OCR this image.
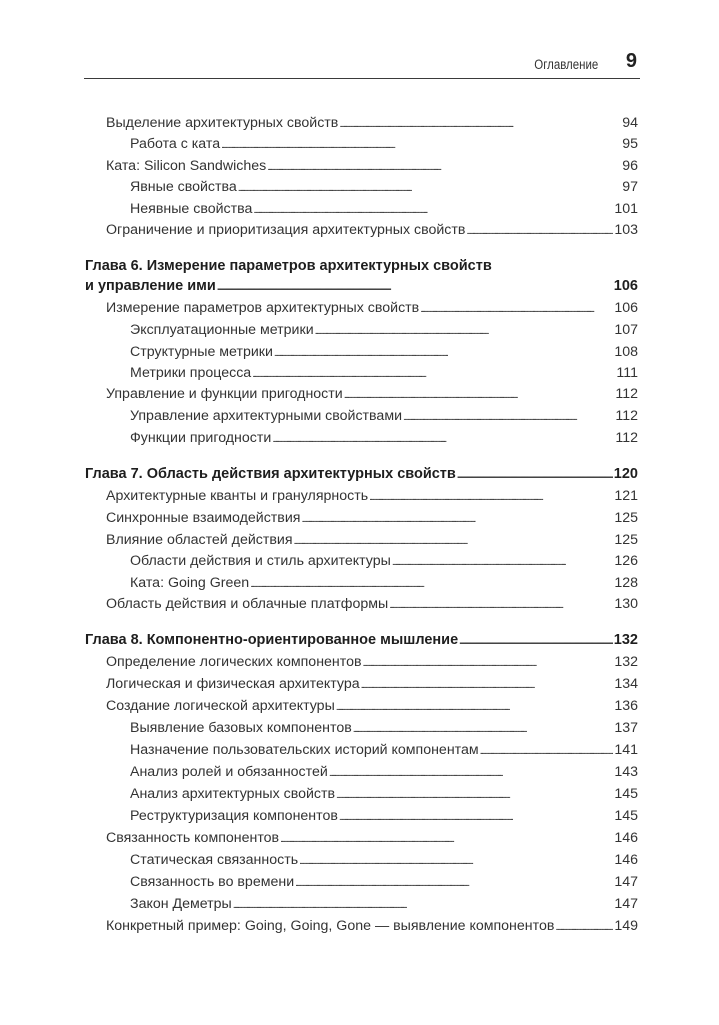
Оглавление 9
Выделение архитектурных свойств . . .	94
Работа с ката . . .	95
Ката: Silicon Sandwiches . . .	96
Явные свойства . . .	97
Неявные свойства . . .	101
Ограничение и приоритизация архитектурных свойств . . .	103
Глава 6. Измерение параметров архитектурных свойств
и управление ими . . .	106
Измерение параметров архитектурных свойств . . .	106
Эксплуатационные метрики . . .	107
Структурные метрики . . .	108
Метрики процесса . . .	111
Управление и функции пригодности . . .	112
Управление архитектурными свойствами . . .	112
Функции пригодности . . .	112
Глава 7. Область действия архитектурных свойств . . .	120
Архитектурные кванты и гранулярность . . .	121
Синхронные взаимодействия . . .	125
Влияние областей действия . . .	125
Области действия и стиль архитектуры . . .	126
Ката: Going Green . . .	128
Область действия и облачные платформы . . .	130
Глава 8. Компонентно-ориентированное мышление . . .	132
Определение логических компонентов . . .	132
Логическая и физическая архитектура . . .	134
Создание логической архитектуры . . .	136
Выявление базовых компонентов . . .	137
Назначение пользовательских историй компонентам . . .	141
Анализ ролей и обязанностей . . .	143
Анализ архитектурных свойств . . .	145
Реструктуризация компонентов . . .	145
Связанность компонентов . . .	146
Статическая связанность . . .	146
Связанность во времени . . .	147
Закон Деметры . . .	147
Конкретный пример: Going, Going, Gone — выявление компонентов . . .	149
